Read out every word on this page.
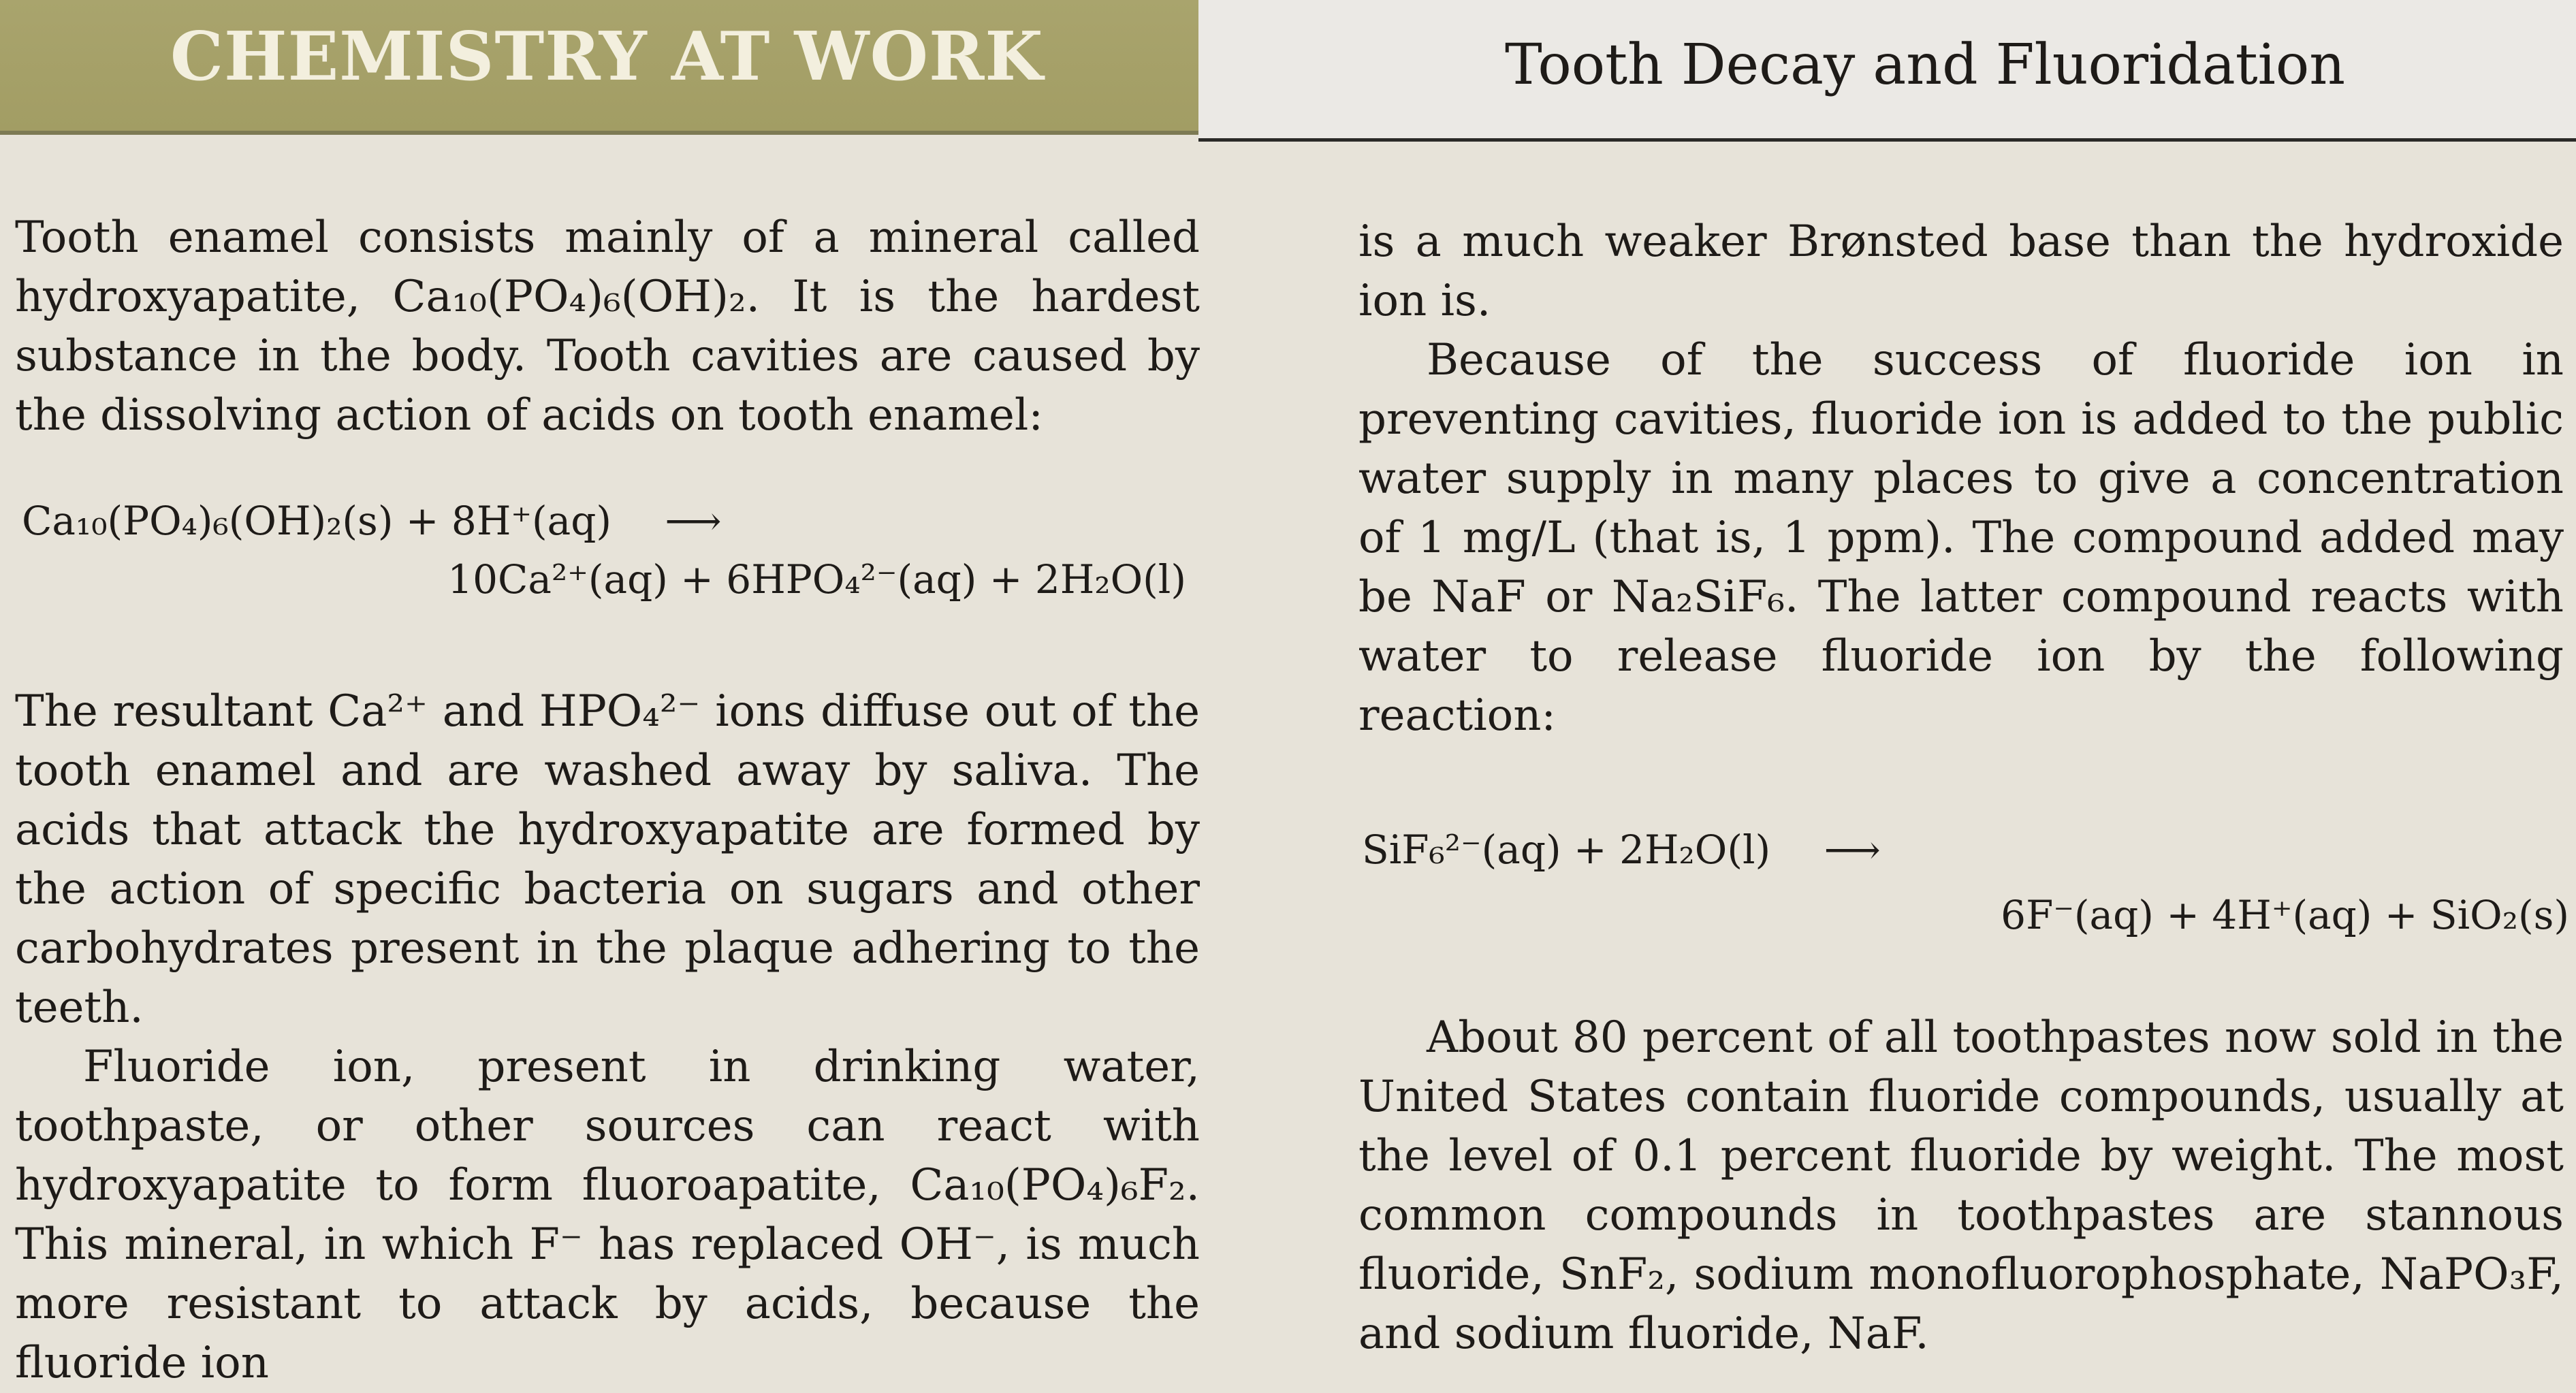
CHEMISTRY AT WORK	Tooth Decay and Fluoridation

Tooth enamel consists mainly of a mineral called hydroxyapatite, Ca₁₀(PO₄)₆(OH)₂. It is the hardest substance in the body. Tooth cavities are caused by the dissolving action of acids on tooth enamel:

Ca₁₀(PO₄)₆(OH)₂(s) + 8H⁺(aq) ⟶
10Ca²⁺(aq) + 6HPO₄²⁻(aq) + 2H₂O(l)

The resultant Ca²⁺ and HPO₄²⁻ ions diffuse out of the tooth enamel and are washed away by saliva. The acids that attack the hydroxyapatite are formed by the action of specific bacteria on sugars and other carbohydrates present in the plaque adhering to the teeth.

Fluoride ion, present in drinking water, toothpaste, or other sources can react with hydroxyapatite to form fluoroapatite, Ca₁₀(PO₄)₆F₂. This mineral, in which F⁻ has replaced OH⁻, is much more resistant to attack by acids, because the fluoride ion

is a much weaker Brønsted base than the hydroxide ion is.

Because of the success of fluoride ion in preventing cavities, fluoride ion is added to the public water supply in many places to give a concentration of 1 mg/L (that is, 1 ppm). The compound added may be NaF or Na₂SiF₆. The latter compound reacts with water to release fluoride ion by the following reaction:

SiF₆²⁻(aq) + 2H₂O(l) ⟶
6F⁻(aq) + 4H⁺(aq) + SiO₂(s)

About 80 percent of all toothpastes now sold in the United States contain fluoride compounds, usually at the level of 0.1 percent fluoride by weight. The most common compounds in toothpastes are stannous fluoride, SnF₂, sodium monofluorophosphate, NaPO₃F, and sodium fluoride, NaF.
